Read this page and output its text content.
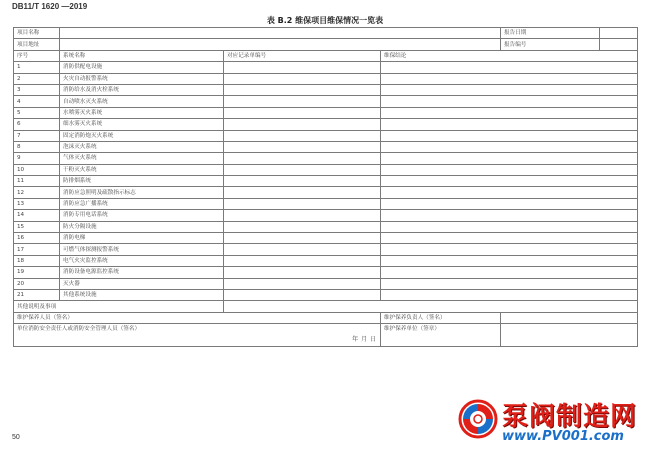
DB11/T 1620 —2019
表 B.2 维保项目维保情况一览表
项目名称			报告日期	

项目地址			报告编号	

序号	系统名称	对应记录单编号	维保结论
1	消防供配电设施		
2	火灾自动报警系统		
3	消防给水及消火栓系统		
4	自动喷水灭火系统		
5	水喷雾灭火系统		
6	细水雾灭火系统		
7	固定消防炮灭火系统		
8	泡沫灭火系统		
9	气体灭火系统		
10	干粉灭火系统		
11	防排烟系统		
12	消防应急照明及疏散指示标志		
13	消防应急广播系统		
14	消防专用电话系统		
15	防火分隔设施		
16	消防电梯		
17	可燃气体探测报警系统		
18	电气火灾监控系统		
19	消防设备电源监控系统		
20	灭火器		
21	其他系统设施		
其他说明及事项	
维护保养人员（签名）	维护保养负责人（签名）	

单位消防安全责任人或消防安全管理人员（签名）
年 月 日
	维护保养单位（签章）	
50
泵阀制造网
www.PV001.com
